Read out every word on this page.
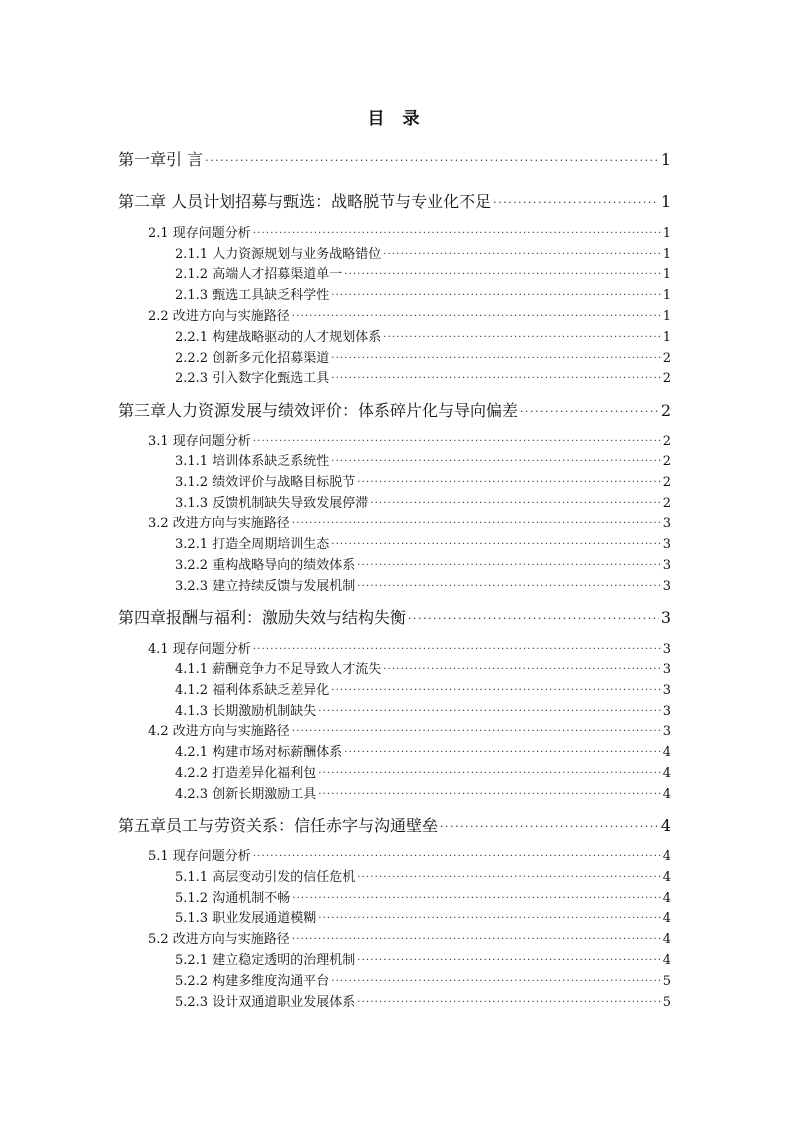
目 录
第一章引 言 · · ·	1
第二章 人员计划招募与甄选：战略脱节与专业化不足 · · ·	1
2.1 现存问题分析 · · ·	1
2.1.1 人力资源规划与业务战略错位 · · ·	1
2.1.2 高端人才招募渠道单一 · · ·	1
2.1.3 甄选工具缺乏科学性 · · ·	1
2.2 改进方向与实施路径 · · ·	1
2.2.1 构建战略驱动的人才规划体系 · · ·	1
2.2.2 创新多元化招募渠道 · · ·	2
2.2.3 引入数字化甄选工具 · · ·	2
第三章人力资源发展与绩效评价：体系碎片化与导向偏差 · · ·	2
3.1 现存问题分析 · · ·	2
3.1.1 培训体系缺乏系统性 · · ·	2
3.1.2 绩效评价与战略目标脱节 · · ·	2
3.1.3 反馈机制缺失导致发展停滞 · · ·	2
3.2 改进方向与实施路径 · · ·	3
3.2.1 打造全周期培训生态 · · ·	3
3.2.2 重构战略导向的绩效体系 · · ·	3
3.2.3 建立持续反馈与发展机制 · · ·	3
第四章报酬与福利：激励失效与结构失衡 · · ·	3
4.1 现存问题分析 · · ·	3
4.1.1 薪酬竞争力不足导致人才流失 · · ·	3
4.1.2 福利体系缺乏差异化 · · ·	3
4.1.3 长期激励机制缺失 · · ·	3
4.2 改进方向与实施路径 · · ·	3
4.2.1 构建市场对标薪酬体系 · · ·	4
4.2.2 打造差异化福利包 · · ·	4
4.2.3 创新长期激励工具 · · ·	4
第五章员工与劳资关系：信任赤字与沟通壁垒 · · ·	4
5.1 现存问题分析 · · ·	4
5.1.1 高层变动引发的信任危机 · · ·	4
5.1.2 沟通机制不畅 · · ·	4
5.1.3 职业发展通道模糊 · · ·	4
5.2 改进方向与实施路径 · · ·	4
5.2.1 建立稳定透明的治理机制 · · ·	4
5.2.2 构建多维度沟通平台 · · ·	5
5.2.3 设计双通道职业发展体系 · · ·	5
